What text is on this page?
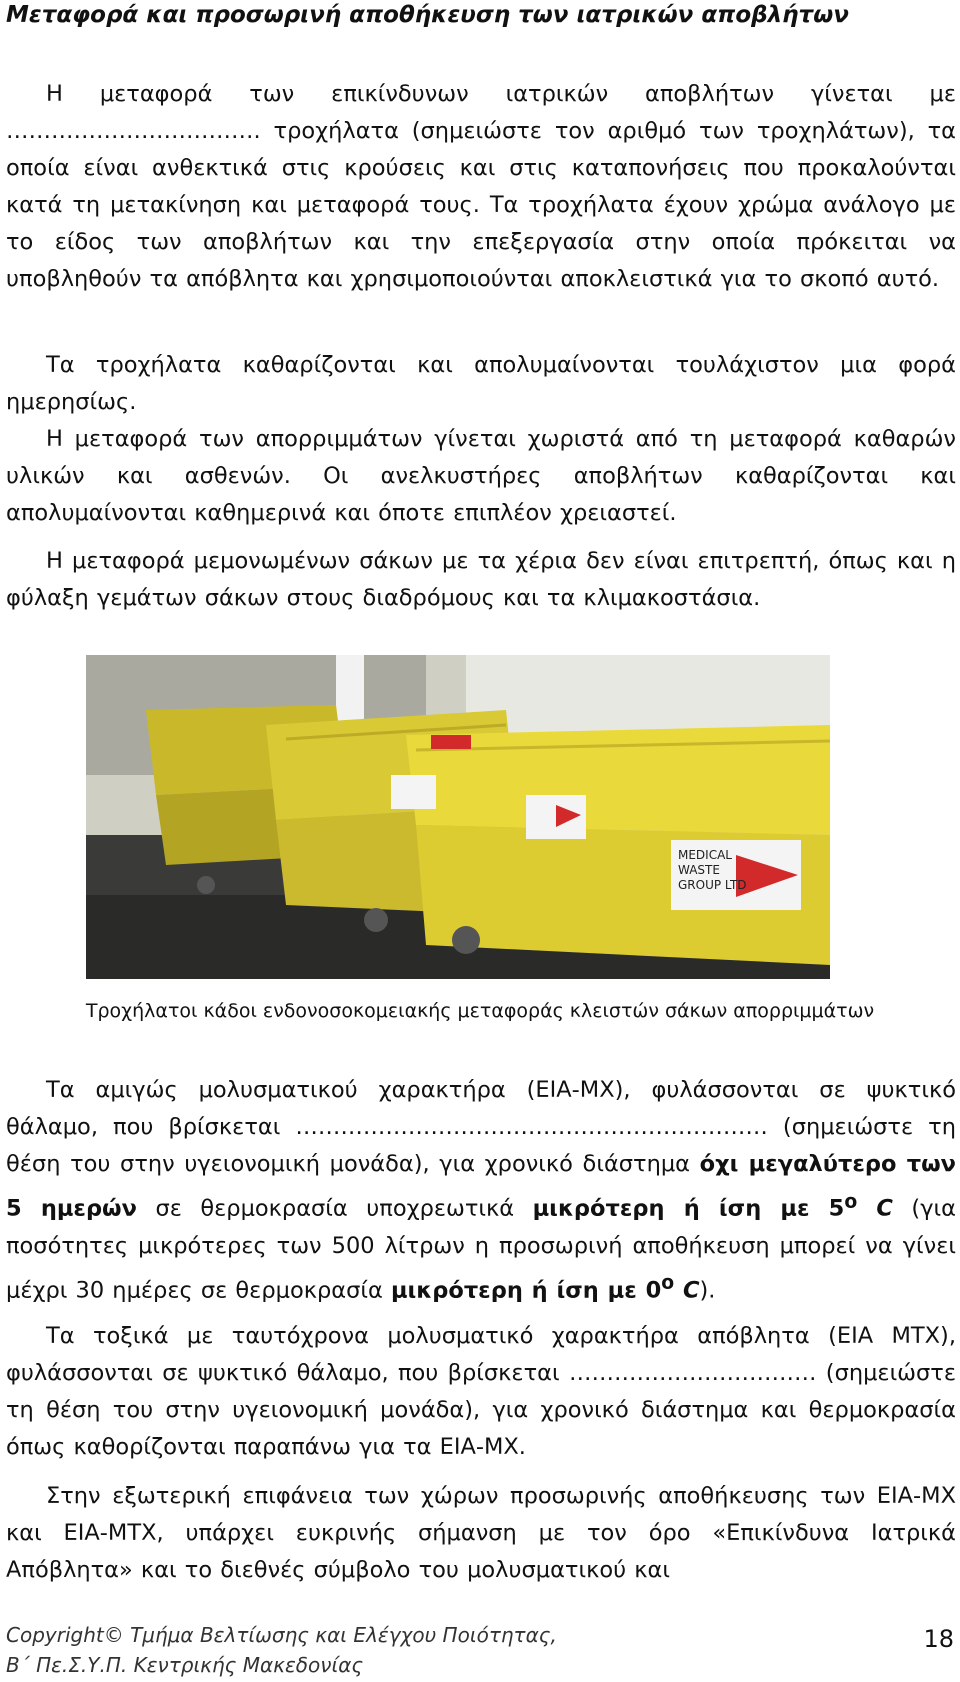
Μεταφορά και προσωρινή αποθήκευση των ιατρικών αποβλήτων

Η μεταφορά των επικίνδυνων ιατρικών αποβλήτων γίνεται με ……………………………. τροχήλατα (σημειώστε τον αριθμό των τροχηλάτων), τα οποία είναι ανθεκτικά στις κρούσεις και στις καταπονήσεις που προκαλούνται κατά τη μετακίνηση και μεταφορά τους. Τα τροχήλατα έχουν χρώμα ανάλογο με το είδος των αποβλήτων και την επεξεργασία στην οποία πρόκειται να υποβληθούν τα απόβλητα και χρησιμοποιούνται αποκλειστικά για το σκοπό αυτό.

Τα τροχήλατα καθαρίζονται και απολυμαίνονται τουλάχιστον μια φορά ημερησίως.

Η μεταφορά των απορριμμάτων γίνεται χωριστά από τη μεταφορά καθαρών υλικών και ασθενών. Οι ανελκυστήρες αποβλήτων καθαρίζονται και απολυμαίνονται καθημερινά και όποτε επιπλέον χρειαστεί.

Η μεταφορά μεμονωμένων σάκων με τα χέρια δεν είναι επιτρεπτή, όπως και η φύλαξη γεμάτων σάκων στους διαδρόμους και τα κλιμακοστάσια.

MEDICAL
WASTE
GROUP LTD
Τροχήλατοι κάδοι ενδονοσοκομειακής μεταφοράς κλειστών σάκων απορριμμάτων

Τα αμιγώς μολυσματικού χαρακτήρα (ΕΙΑ-ΜΧ), φυλάσσονται σε ψυκτικό θάλαμο, που βρίσκεται ……………………………………………………… (σημειώστε τη θέση του στην υγειονομική μονάδα), για χρονικό διάστημα όχι μεγαλύτερο των 5 ημερών σε θερμοκρασία υποχρεωτικά μικρότερη ή ίση με $5^o$ C (για ποσότητες μικρότερες των 500 λίτρων η προσωρινή αποθήκευση μπορεί να γίνει μέχρι 30 ημέρες σε θερμοκρασία μικρότερη ή ίση με $0^o$ C).

Τα τοξικά με ταυτόχρονα μολυσματικό χαρακτήρα απόβλητα (ΕΙΑ ΜΤΧ), φυλάσσονται σε ψυκτικό θάλαμο, που βρίσκεται …………………………… (σημειώστε τη θέση του στην υγειονομική μονάδα), για χρονικό διάστημα και θερμοκρασία όπως καθορίζονται παραπάνω για τα ΕΙΑ-ΜΧ.

Στην εξωτερική επιφάνεια των χώρων προσωρινής αποθήκευσης των ΕΙΑ-ΜΧ και ΕΙΑ-ΜΤΧ, υπάρχει ευκρινής σήμανση με τον όρο «Επικίνδυνα Ιατρικά Απόβλητα» και το διεθνές σύμβολο του μολυσματικού και

Copyright© Τμήμα Βελτίωσης και Ελέγχου Ποιότητας,
Β΄ Πε.Σ.Υ.Π. Κεντρικής Μακεδονίας
18
